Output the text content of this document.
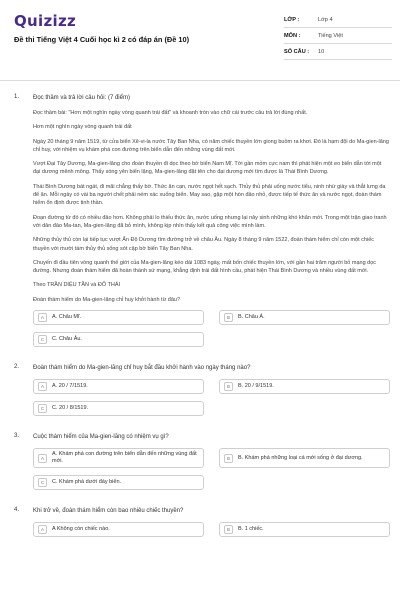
Quizizz
Đề thi Tiếng Việt 4 Cuối học kì 2 có đáp án (Đề 10)
LỚP :	Lớp 4
MÔN :	Tiếng Việt
SỐ CÂU :	10
1.	Đọc thầm và trả lời câu hỏi: (7 điểm)
Đọc thầm bài: "Hơn một nghìn ngày vòng quanh trái đất" và khoanh tròn vào chữ cái trước câu trả lời đúng nhất.
Hơn một nghìn ngày vòng quanh trái đất
Ngày 20 tháng 9 năm 1519, từ cửa biển Xê-vi-la nước Tây Ban Nha, có năm chiếc thuyền lớn giong buồm ra khơi. Đó là hạm đội do Ma-gien-lăng chỉ huy, với nhiệm vụ khám phá con đường trên biển dẫn đến những vùng đất mới.
Vượt Đại Tây Dương, Ma-gien-lăng cho đoàn thuyền đi dọc theo bờ biển Nam Mĩ. Tới gần mỏm cực nam thì phát hiện một eo biển dẫn tới một đại dương mênh mông. Thấy sóng yên biển lặng, Ma-gien-lăng đặt tên cho đại dương mới tìm được là Thái Bình Dương.
Thái Bình Dương bát ngát, đi mãi chẳng thấy bờ. Thức ăn cạn, nước ngọt hết sạch. Thủy thủ phải uống nước tiểu, ninh nhừ giày và thắt lưng da để ăn. Mỗi ngày có vài ba người chết phải ném xác xuống biển. May sao, gặp một hòn đảo nhỏ, được tiếp tế thức ăn và nước ngọt, đoàn thám hiểm ổn định được tinh thần.
Đoạn đường từ đó có nhiều đảo hơn. Không phải lo thiếu thức ăn, nước uống nhưng lại nảy sinh những khó khăn mới. Trong một trận giao tranh với dân đảo Ma-tan, Ma-gien-lăng đã bỏ mình, không kịp nhìn thấy kết quả công việc mình làm.
Những thủy thủ còn lại tiếp tục vượt Ấn Độ Dương tìm đường trở về châu Âu. Ngày 8 tháng 9 năm 1522, đoàn thám hiểm chỉ còn một chiếc thuyền với mười tám thủy thủ sống sót cập bờ biển Tây Ban Nha.
Chuyến đi đầu tiên vòng quanh thế giới của Ma-gien-lăng kéo dài 1083 ngày, mất bốn chiếc thuyền lớn, với gần hai trăm người bỏ mạng dọc đường. Nhưng đoàn thám hiểm đã hoàn thành sứ mạng, khẳng định trái đất hình cầu, phát hiện Thái Bình Dương và nhiều vùng đất mới.
Theo TRẦN DIỆU TẦN và ĐỖ THÁI
Đoàn thám hiểm do Ma-gien-lăng chỉ huy khởi hành từ đâu?
A	A. Châu Mĩ.	B	B. Châu Á.
C	C. Châu Âu.
2.	Đoàn thám hiểm do Ma-gien-lăng chỉ huy bắt đầu khởi hành vào ngày tháng nào?
A	A. 20 / 7/1519.	B	B. 20 / 9/1519.
C	C. 20 / 8/1519.
3.	Cuộc thám hiểm của Ma-gien-lăng có nhiệm vụ gì?
A
A. Khám phá con đường trên biển dẫn đến những vùng đất mới.	B	B. Khám phá những loại cá mới sống ở đại dương.
C	C. Khám phá dưới đáy biển.
4.	Khi trở về, đoàn thám hiểm còn bao nhiêu chiếc thuyền?
A	A Không còn chiếc nào.	B	B. 1 chiếc.
